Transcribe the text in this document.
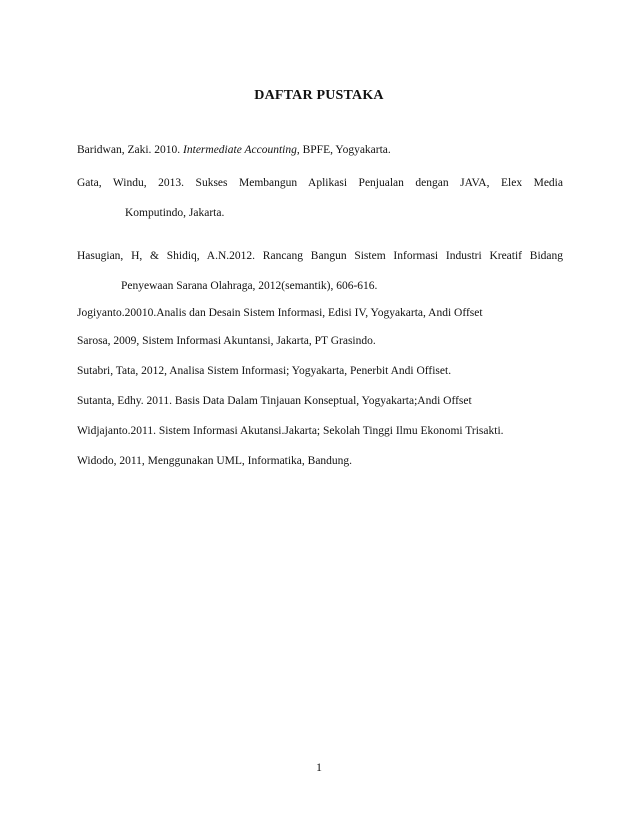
DAFTAR PUSTAKA
Baridwan, Zaki. 2010. Intermediate Accounting, BPFE, Yogyakarta.
Gata, Windu, 2013. Sukses Membangun Aplikasi Penjualan dengan JAVA, Elex Media
Komputindo, Jakarta.
Hasugian, H, & Shidiq, A.N.2012. Rancang Bangun Sistem Informasi Industri Kreatif Bidang
Penyewaan Sarana Olahraga, 2012(semantik), 606-616.
Jogiyanto.20010.Analis dan Desain Sistem Informasi, Edisi IV, Yogyakarta, Andi Offset
Sarosa, 2009, Sistem Informasi Akuntansi, Jakarta, PT Grasindo.
Sutabri, Tata, 2012, Analisa Sistem Informasi; Yogyakarta, Penerbit Andi Offiset.
Sutanta, Edhy. 2011. Basis Data Dalam Tinjauan Konseptual, Yogyakarta;Andi Offset
Widjajanto.2011. Sistem Informasi Akutansi.Jakarta; Sekolah Tinggi Ilmu Ekonomi Trisakti.
Widodo, 2011, Menggunakan UML, Informatika, Bandung.
1
